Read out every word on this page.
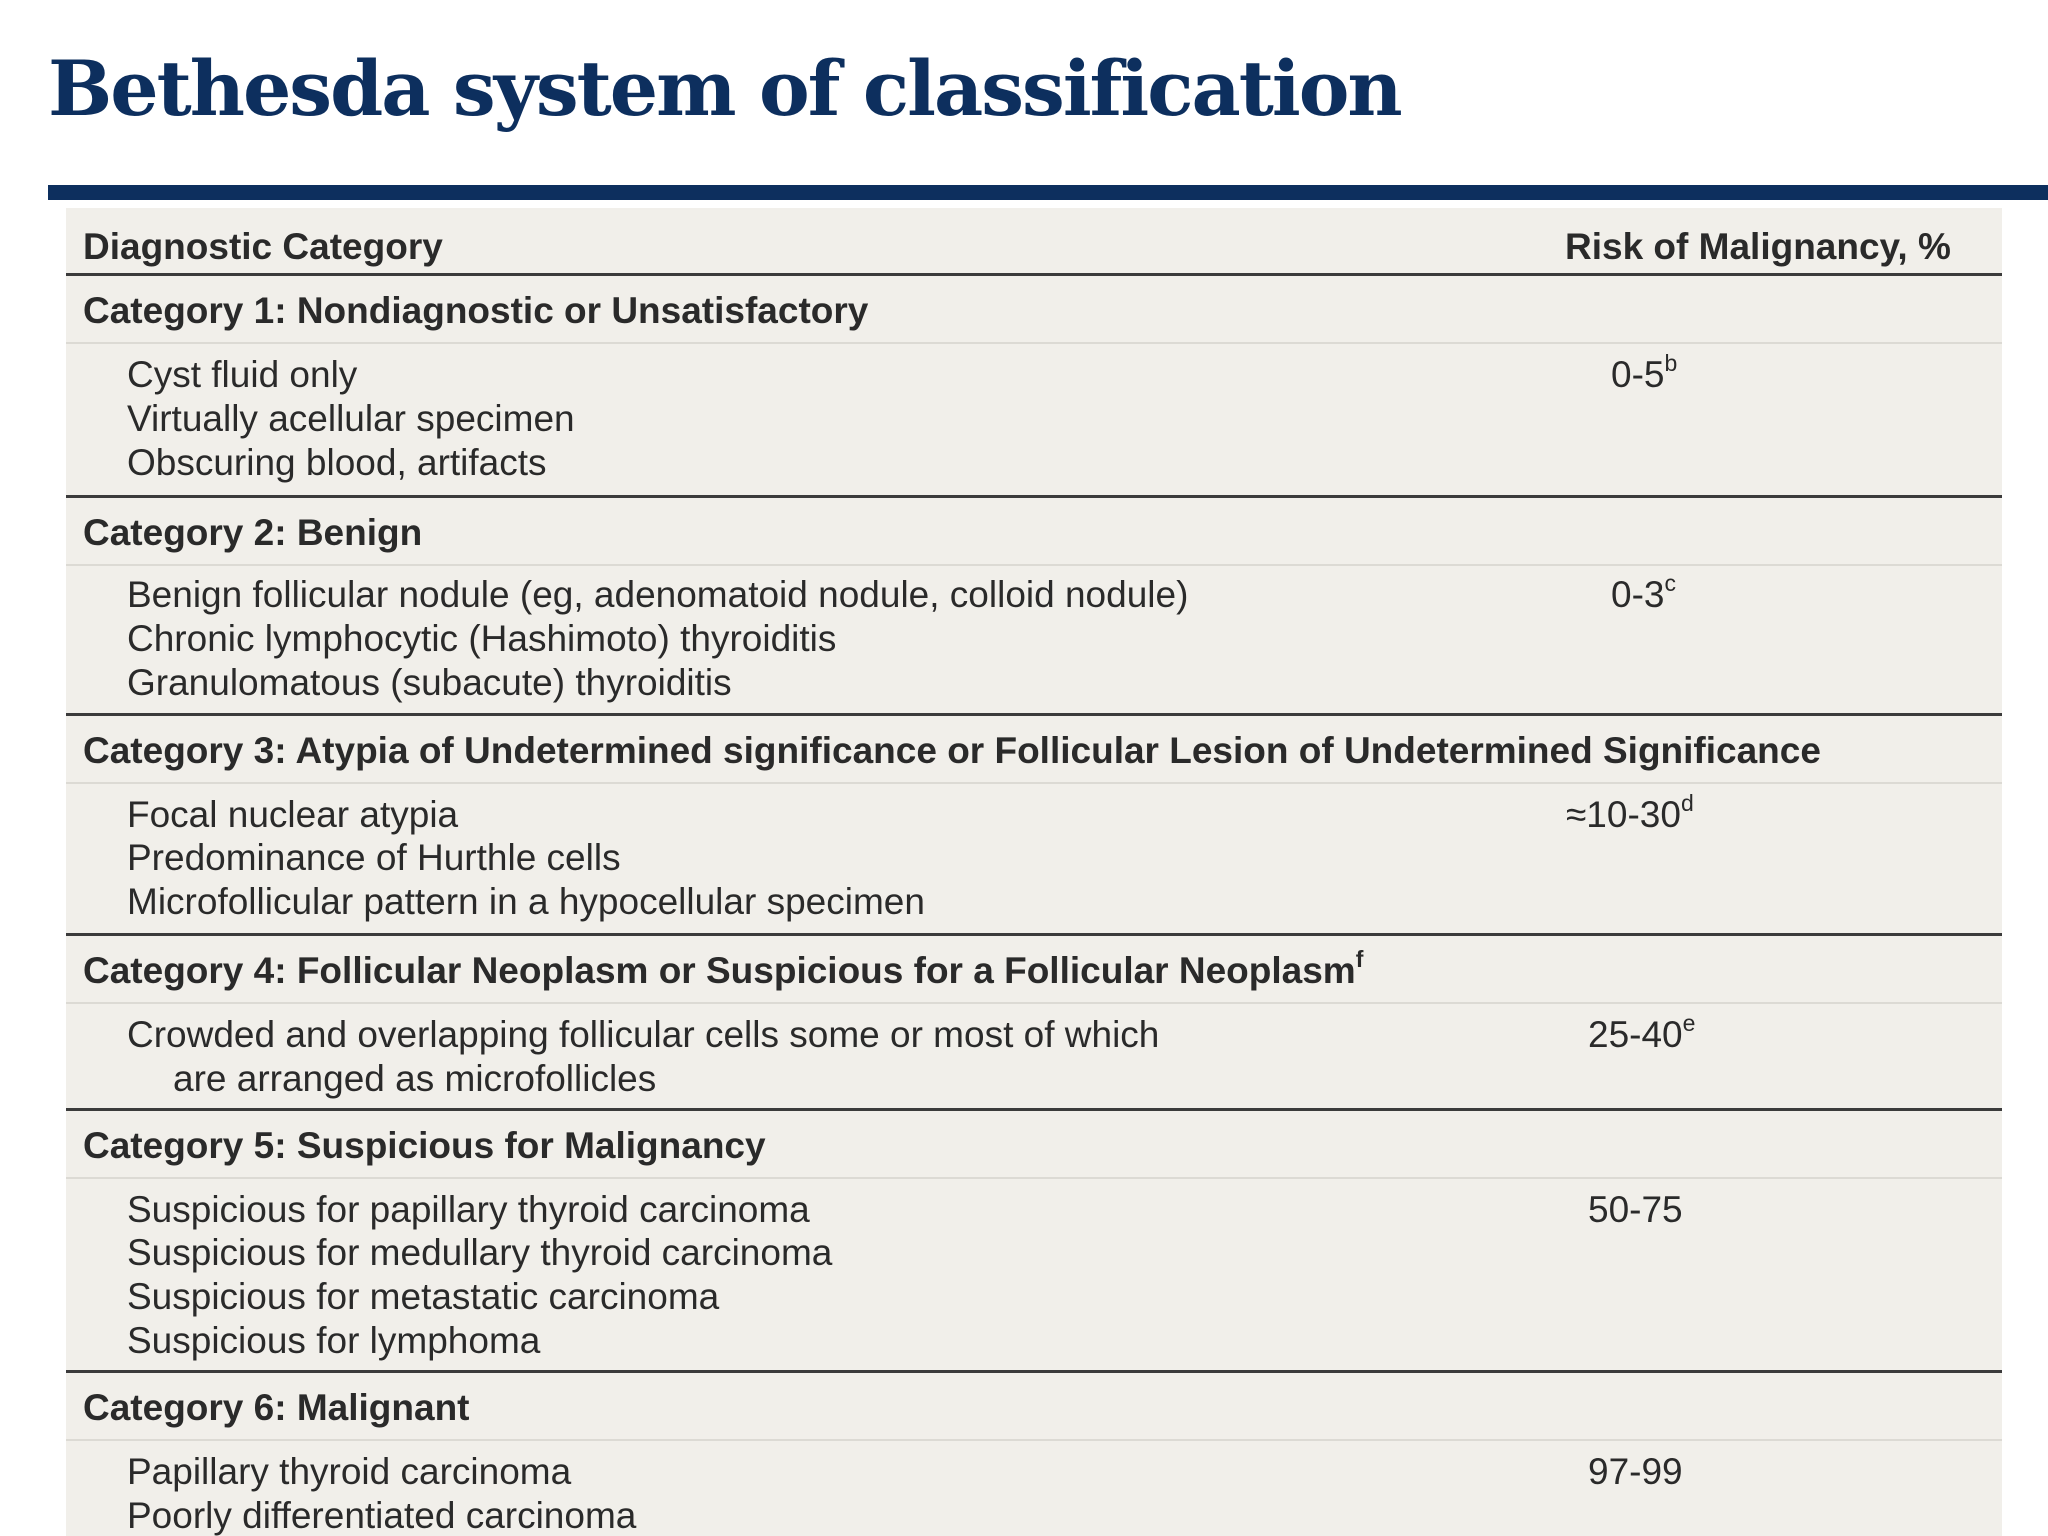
Bethesda system of classification
Diagnostic Category	Risk of Malignancy, %
Category 1: Nondiagnostic or Unsatisfactory
Cyst fluid only
Virtually acellular specimen
Obscuring blood, artifacts
0-5$^b$
Category 2: Benign
Benign follicular nodule (eg, adenomatoid nodule, colloid nodule)
Chronic lymphocytic (Hashimoto) thyroiditis
Granulomatous (subacute) thyroiditis
0-3$^c$
Category 3: Atypia of Undetermined significance or Follicular Lesion of Undetermined Significance
Focal nuclear atypia
Predominance of Hurthle cells
Microfollicular pattern in a hypocellular specimen
$\approx 10-30^d$
Category 4: Follicular Neoplasm or Suspicious for a Follicular Neoplasm$^f$
Crowded and overlapping follicular cells some or most of which
are arranged as microfollicles
25-40e
Category 5: Suspicious for Malignancy
Suspicious for papillary thyroid carcinoma
Suspicious for medullary thyroid carcinoma
Suspicious for metastatic carcinoma
Suspicious for lymphoma
50-75
Category 6: Malignant
Papillary thyroid carcinoma
Poorly differentiated carcinoma
97-99
